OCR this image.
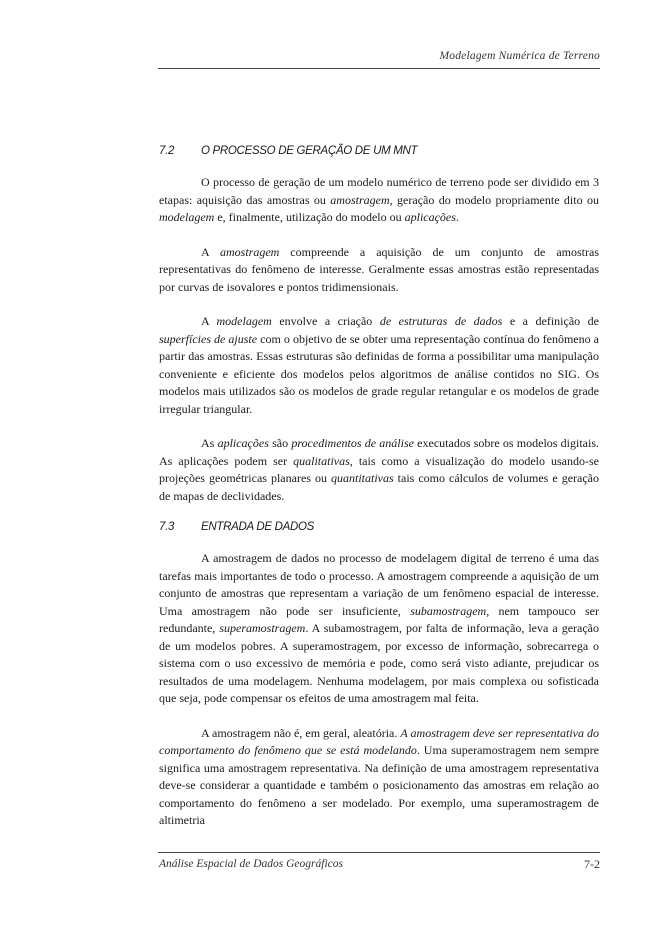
Modelagem Numérica de Terreno
7.2	O PROCESSO DE GERAÇÃO DE UM MNT

O processo de geração de um modelo numérico de terreno pode ser dividido em 3 etapas: aquisição das amostras ou amostragem, geração do modelo propriamente dito ou modelagem e, finalmente, utilização do modelo ou aplicações.

A amostragem compreende a aquisição de um conjunto de amostras representativas do fenômeno de interesse. Geralmente essas amostras estão representadas por curvas de isovalores e pontos tridimensionais.

A modelagem envolve a criação de estruturas de dados e a definição de superfícies de ajuste com o objetivo de se obter uma representação contínua do fenômeno a partir das amostras. Essas estruturas são definidas de forma a possibilitar uma manipulação conveniente e eficiente dos modelos pelos algoritmos de análise contidos no SIG. Os modelos mais utilizados são os modelos de grade regular retangular e os modelos de grade irregular triangular.

As aplicações são procedimentos de análise executados sobre os modelos digitais. As aplicações podem ser qualitativas, tais como a visualização do modelo usando-se projeções geométricas planares ou quantitativas tais como cálculos de volumes e geração de mapas de declividades.

7.3	ENTRADA DE DADOS

A amostragem de dados no processo de modelagem digital de terreno é uma das tarefas mais importantes de todo o processo. A amostragem compreende a aquisição de um conjunto de amostras que representam a variação de um fenômeno espacial de interesse. Uma amostragem não pode ser insuficiente, subamostragem, nem tampouco ser redundante, superamostragem. A subamostragem, por falta de informação, leva a geração de um modelos pobres. A superamostragem, por excesso de informação, sobrecarrega o sistema com o uso excessivo de memória e pode, como será visto adiante, prejudicar os resultados de uma modelagem. Nenhuma modelagem, por mais complexa ou sofisticada que seja, pode compensar os efeitos de uma amostragem mal feita.

A amostragem não é, em geral, aleatória. A amostragem deve ser representativa do comportamento do fenômeno que se está modelando. Uma superamostragem nem sempre significa uma amostragem representativa. Na definição de uma amostragem representativa deve-se considerar a quantidade e também o posicionamento das amostras em relação ao comportamento do fenômeno a ser modelado. Por exemplo, uma superamostragem de altimetria

Análise Espacial de Dados Geográficos	7-2
